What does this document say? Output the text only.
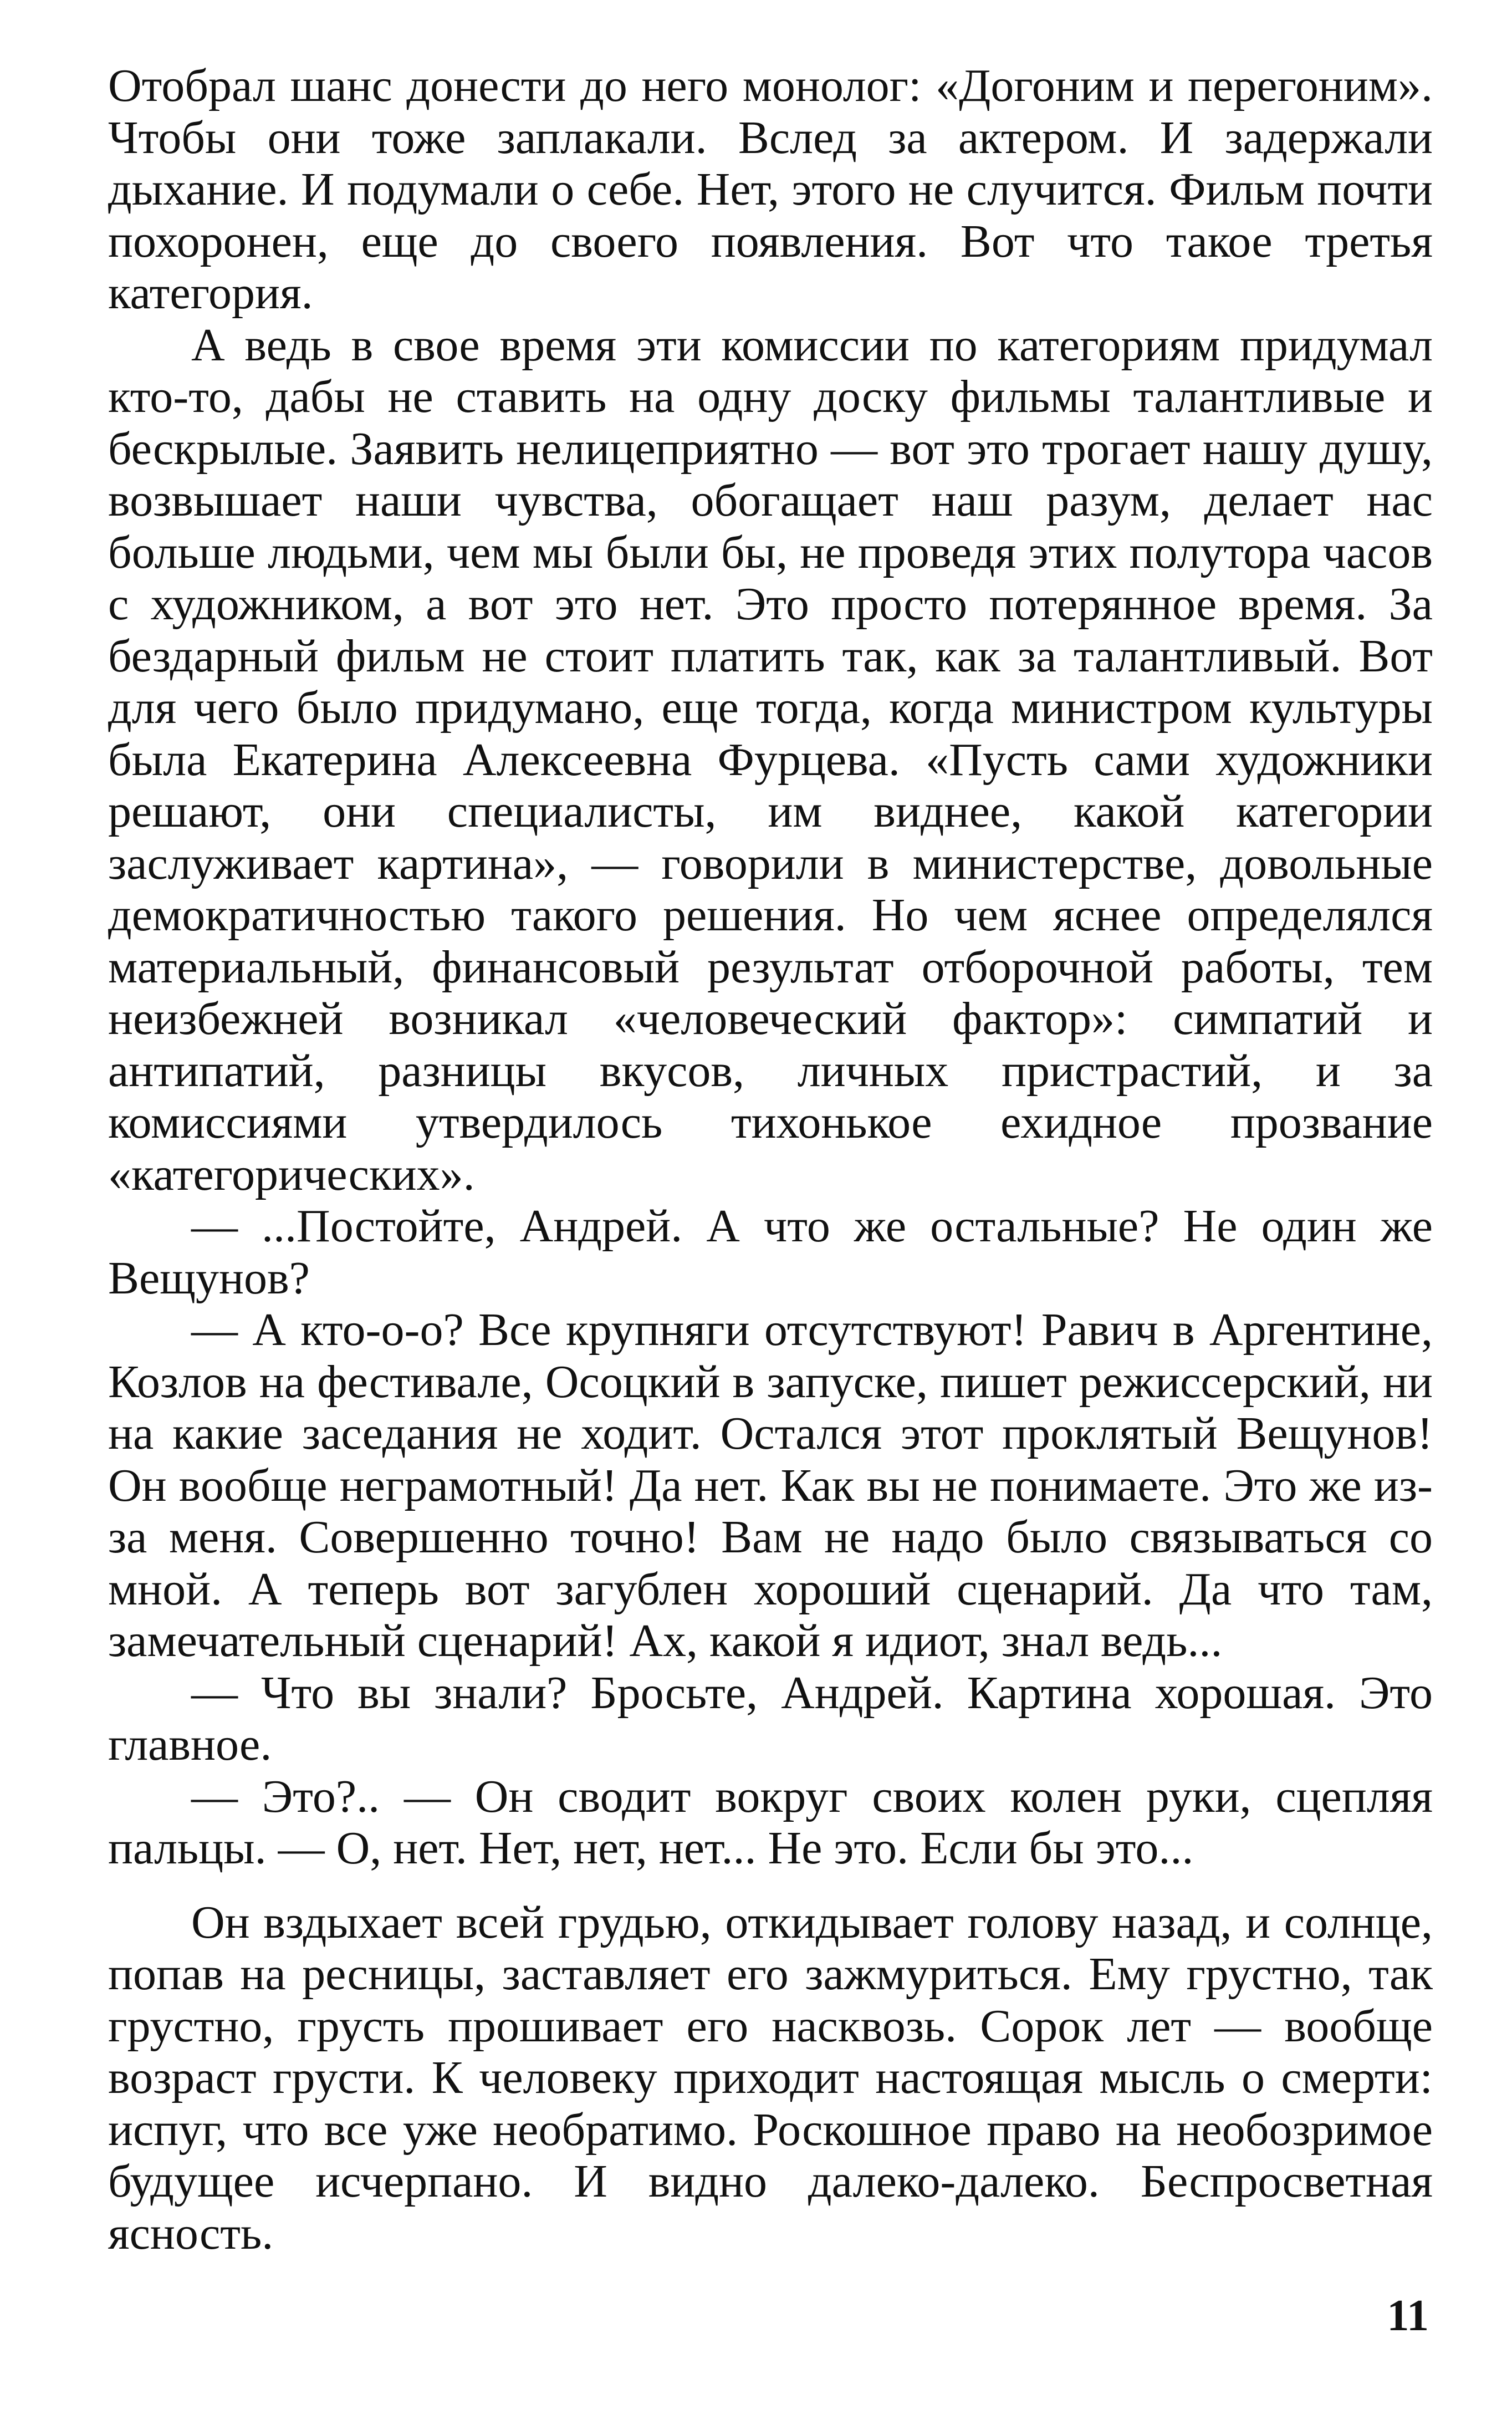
Отобрал шанс донести до него монолог: «Догоним и перегоним». Чтобы они тоже заплакали. Вслед за актером. И задержали дыхание. И подумали о себе. Нет, этого не случится. Фильм почти похоронен, еще до своего появления. Вот что такое третья категория.

А ведь в свое время эти комиссии по категориям придумал кто-то, дабы не ставить на одну доску фильмы талантливые и бескрылые. Заявить нелицеприятно — вот это трогает нашу душу, возвышает наши чувства, обогащает наш разум, делает нас больше людьми, чем мы были бы, не проведя этих полутора часов с художником, а вот это нет. Это просто потерянное время. За бездарный фильм не стоит платить так, как за талантливый. Вот для чего было придумано, еще тогда, когда министром культуры была Екатерина Алексеевна Фурцева. «Пусть сами художники решают, они специалисты, им виднее, какой категории заслуживает картина», — говорили в министерстве, довольные демократичностью такого решения. Но чем яснее определялся материальный, финансовый результат отборочной работы, тем неизбежней возникал «человеческий фактор»: симпатий и антипатий, разницы вкусов, личных пристрастий, и за комиссиями утвердилось тихонькое ехидное прозвание «категорических».

— ...Постойте, Андрей. А что же остальные? Не один же Вещунов?

— А кто-о-о? Все крупняги отсутствуют! Равич в Аргентине, Козлов на фестивале, Осоцкий в запуске, пишет режиссерский, ни на какие заседания не ходит. Остался этот проклятый Вещунов! Он вообще неграмотный! Да нет. Как вы не понимаете. Это же из-за меня. Совершенно точно! Вам не надо было связываться со мной. А теперь вот загублен хороший сценарий. Да что там, замечательный сценарий! Ах, какой я идиот, знал ведь...

— Что вы знали? Бросьте, Андрей. Картина хорошая. Это главное.

— Это?.. — Он сводит вокруг своих колен руки, сцепляя пальцы. — О, нет. Нет, нет, нет... Не это. Если бы это...

Он вздыхает всей грудью, откидывает голову назад, и солнце, попав на ресницы, заставляет его зажмуриться. Ему грустно, так грустно, грусть прошивает его насквозь. Сорок лет — вообще возраст грусти. К человеку приходит настоящая мысль о смерти: испуг, что все уже необратимо. Роскошное право на необозримое будущее исчерпано. И видно далеко-далеко. Беспросветная ясность.

11
